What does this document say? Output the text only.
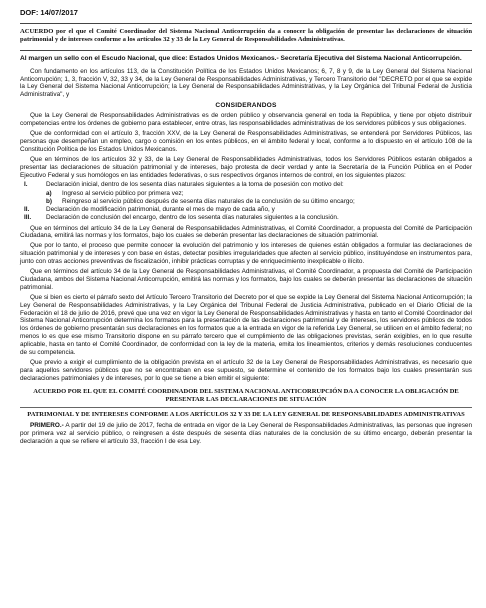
DOF: 14/07/2017
ACUERDO por el que el Comité Coordinador del Sistema Nacional Anticorrupción da a conocer la obligación de presentar las declaraciones de situación patrimonial y de intereses conforme a los artículos 32 y 33 de la Ley General de Responsabilidades Administrativas.
Al margen un sello con el Escudo Nacional, que dice: Estados Unidos Mexicanos.- Secretaría Ejecutiva del Sistema Nacional Anticorrupción.

Con fundamento en los artículos 113, de la Constitución Política de los Estados Unidos Mexicanos; 6, 7, 8 y 9, de la Ley General del Sistema Nacional Anticorrupción; 1, 3, fracción V, 32, 33 y 34, de la Ley General de Responsabilidades Administrativas, y Tercero Transitorio del "DECRETO por el que se expide la Ley General del Sistema Nacional Anticorrupción; la Ley General de Responsabilidades Administrativas, y la Ley Orgánica del Tribunal Federal de Justicia Administrativa", y

CONSIDERANDOS

Que la Ley General de Responsabilidades Administrativas es de orden público y observancia general en toda la República, y tiene por objeto distribuir competencias entre los órdenes de gobierno para establecer, entre otras, las responsabilidades administrativas de los servidores públicos y sus obligaciones.

Que de conformidad con el artículo 3, fracción XXV, de la Ley General de Responsabilidades Administrativas, se entenderá por Servidores Públicos, las personas que desempeñan un empleo, cargo o comisión en los entes públicos, en el ámbito federal y local, conforme a lo dispuesto en el artículo 108 de la Constitución Política de los Estados Unidos Mexicanos.

Que en términos de los artículos 32 y 33, de la Ley General de Responsabilidades Administrativas, todos los Servidores Públicos estarán obligados a presentar las declaraciones de situación patrimonial y de intereses, bajo protesta de decir verdad y ante la Secretaría de la Función Pública en el Poder Ejecutivo Federal y sus homólogos en las entidades federativas, o sus respectivos órganos internos de control, en los siguientes plazos:

I.	Declaración inicial, dentro de los sesenta días naturales siguientes a la toma de posesión con motivo del:
a)	Ingreso al servicio público por primera vez;
b)	Reingreso al servicio público después de sesenta días naturales de la conclusión de su último encargo;
II.	Declaración de modificación patrimonial, durante el mes de mayo de cada año, y
III.	Declaración de conclusión del encargo, dentro de los sesenta días naturales siguientes a la conclusión.

Que en términos del artículo 34 de la Ley General de Responsabilidades Administrativas, el Comité Coordinador, a propuesta del Comité de Participación Ciudadana, emitirá las normas y los formatos, bajo los cuales se deberán presentar las declaraciones de situación patrimonial.

Que por lo tanto, el proceso que permite conocer la evolución del patrimonio y los intereses de quienes están obligados a formular las declaraciones de situación patrimonial y de intereses y con base en éstas, detectar posibles irregularidades que afecten al servicio público, instituyéndose en instrumentos para, junto con otras acciones preventivas de fiscalización, inhibir prácticas corruptas y de enriquecimiento inexplicable o ilícito.

Que en términos del artículo 34 de la Ley General de Responsabilidades Administrativas, el Comité Coordinador, a propuesta del Comité de Participación Ciudadana, ambos del Sistema Nacional Anticorrupción, emitirá las normas y los formatos, bajo los cuales se deberán presentar las declaraciones de situación patrimonial.

Que si bien es cierto el párrafo sexto del Artículo Tercero Transitorio del Decreto por el que se expide la Ley General del Sistema Nacional Anticorrupción; la Ley General de Responsabilidades Administrativas, y la Ley Orgánica del Tribunal Federal de Justicia Administrativa, publicado en el Diario Oficial de la Federación el 18 de julio de 2016, prevé que una vez en vigor la Ley General de Responsabilidades Administrativas y hasta en tanto el Comité Coordinador del Sistema Nacional Anticorrupción determina los formatos para la presentación de las declaraciones patrimonial y de intereses, los servidores públicos de todos los órdenes de gobierno presentarán sus declaraciones en los formatos que a la entrada en vigor de la referida Ley General, se utilicen en el ámbito federal; no menos lo es que ese mismo Transitorio dispone en su párrafo tercero que el cumplimiento de las obligaciones previstas, serán exigibles, en lo que resulte aplicable, hasta en tanto el Comité Coordinador, de conformidad con la ley de la materia, emita los lineamientos, criterios y demás resoluciones conducentes de su competencia.

Que previo a exigir el cumplimiento de la obligación prevista en el artículo 32 de la Ley General de Responsabilidades Administrativas, es necesario que para aquellos servidores públicos que no se encontraban en ese supuesto, se determine el contenido de los formatos bajo los cuales presentarán sus declaraciones patrimoniales y de intereses, por lo que se tiene a bien emitir el siguiente:

ACUERDO POR EL QUE EL COMITÉ COORDINADOR DEL SISTEMA NACIONAL ANTICORRUPCIÓN DA A CONOCER LA OBLIGACIÓN DE PRESENTAR LAS DECLARACIONES DE SITUACIÓN
PATRIMONIAL Y DE INTERESES CONFORME A LOS ARTÍCULOS 32 Y 33 DE LA LEY GENERAL DE RESPONSABILIDADES ADMINISTRATIVAS

PRIMERO.- A partir del 19 de julio de 2017, fecha de entrada en vigor de la Ley General de Responsabilidades Administrativas, las personas que ingresen por primera vez al servicio público, o reingresen a éste después de sesenta días naturales de la conclusión de su último encargo, deberán presentar la declaración a que se refiere el artículo 33, fracción I de esa Ley.
